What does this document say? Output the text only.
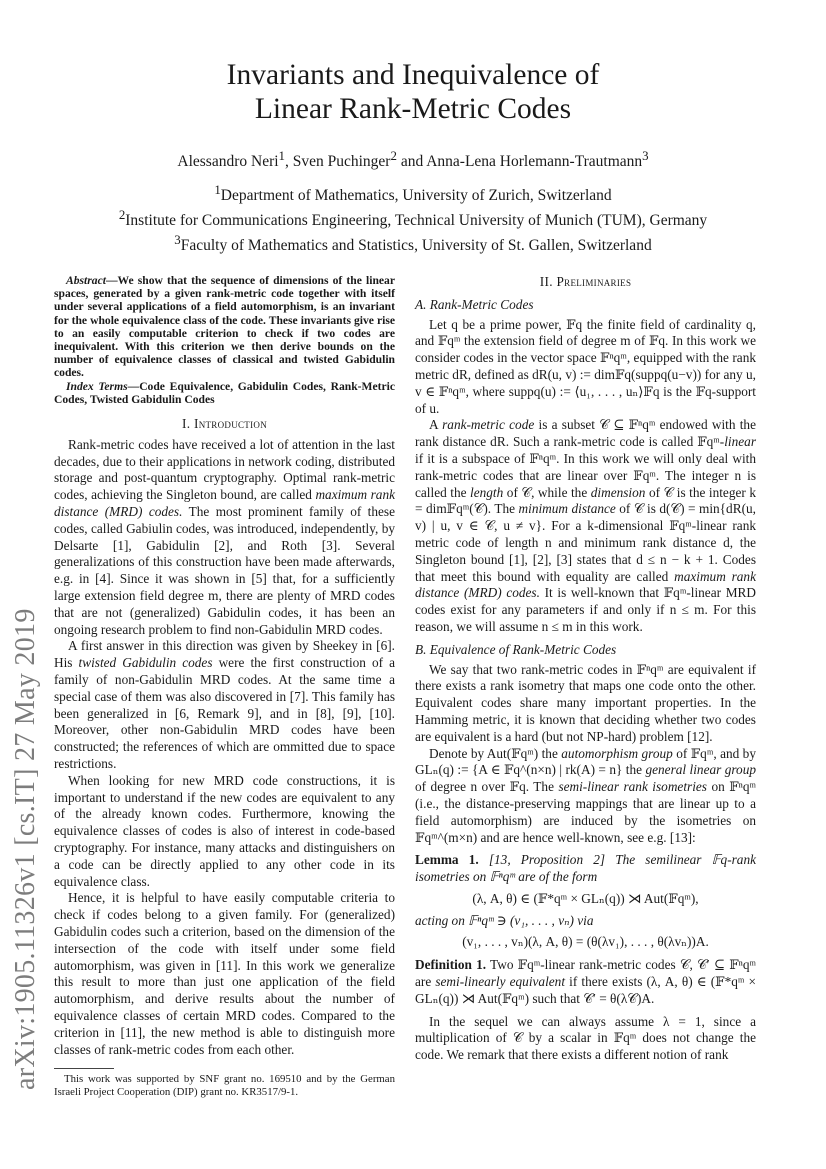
arXiv:1905.11326v1 [cs.IT] 27 May 2019
Invariants and Inequivalence of
Linear Rank-Metric Codes
Alessandro Neri$^1$, Sven Puchinger$^2$ and Anna-Lena Horlemann-Trautmann$^3$
$^1$Department of Mathematics, University of Zurich, Switzerland
$^2$Institute for Communications Engineering, Technical University of Munich (TUM), Germany
$^3$Faculty of Mathematics and Statistics, University of St. Gallen, Switzerland

Abstract—We show that the sequence of dimensions of the linear spaces, generated by a given rank-metric code together with itself under several applications of a field automorphism, is an invariant for the whole equivalence class of the code. These invariants give rise to an easily computable criterion to check if two codes are inequivalent. With this criterion we then derive bounds on the number of equivalence classes of classical and twisted Gabidulin codes.

Index Terms—Code Equivalence, Gabidulin Codes, Rank-Metric Codes, Twisted Gabidulin Codes

I. Introduction

Rank-metric codes have received a lot of attention in the last decades, due to their applications in network coding, distributed storage and post-quantum cryptography. Optimal rank-metric codes, achieving the Singleton bound, are called maximum rank distance (MRD) codes. The most prominent family of these codes, called Gabiulin codes, was introduced, independently, by Delsarte [1], Gabidulin [2], and Roth [3]. Several generalizations of this construction have been made afterwards, e.g. in [4]. Since it was shown in [5] that, for a sufficiently large extension field degree m, there are plenty of MRD codes that are not (generalized) Gabidulin codes, it has been an ongoing research problem to find non-Gabidulin MRD codes.

A first answer in this direction was given by Sheekey in [6]. His twisted Gabidulin codes were the first construction of a family of non-Gabidulin MRD codes. At the same time a special case of them was also discovered in [7]. This family has been generalized in [6, Remark 9], and in [8], [9], [10]. Moreover, other non-Gabidulin MRD codes have been constructed; the references of which are ommitted due to space restrictions.

When looking for new MRD code constructions, it is important to understand if the new codes are equivalent to any of the already known codes. Furthermore, knowing the equivalence classes of codes is also of interest in code-based cryptography. For instance, many attacks and distinguishers on a code can be directly applied to any other code in its equivalence class.

Hence, it is helpful to have easily computable criteria to check if codes belong to a given family. For (generalized) Gabidulin codes such a criterion, based on the dimension of the intersection of the code with itself under some field automorphism, was given in [11]. In this work we generalize this result to more than just one application of the field automorphism, and derive results about the number of equivalence classes of certain MRD codes. Compared to the criterion in [11], the new method is able to distinguish more classes of rank-metric codes from each other.

This work was supported by SNF grant no. 169510 and by the German Israeli Project Cooperation (DIP) grant no. KR3517/9-1.

II. Preliminaries
A. Rank-Metric Codes

Let q be a prime power, 𝔽q the finite field of cardinality q, and 𝔽qᵐ the extension field of degree m of 𝔽q. In this work we consider codes in the vector space 𝔽ⁿqᵐ, equipped with the rank metric dR, defined as dR(u, v) := dim𝔽q(suppq(u−v)) for any u, v ∈ 𝔽ⁿqᵐ, where suppq(u) := ⟨u₁, . . . , uₙ⟩𝔽q is the 𝔽q-support of u.

A rank-metric code is a subset 𝒞 ⊆ 𝔽ⁿqᵐ endowed with the rank distance dR. Such a rank-metric code is called 𝔽qᵐ-linear if it is a subspace of 𝔽ⁿqᵐ. In this work we will only deal with rank-metric codes that are linear over 𝔽qᵐ. The integer n is called the length of 𝒞, while the dimension of 𝒞 is the integer k = dim𝔽qᵐ(𝒞). The minimum distance of 𝒞 is d(𝒞) = min{dR(u, v) | u, v ∈ 𝒞, u ≠ v}. For a k-dimensional 𝔽qᵐ-linear rank metric code of length n and minimum rank distance d, the Singleton bound [1], [2], [3] states that d ≤ n − k + 1. Codes that meet this bound with equality are called maximum rank distance (MRD) codes. It is well-known that 𝔽qᵐ-linear MRD codes exist for any parameters if and only if n ≤ m. For this reason, we will assume n ≤ m in this work.

B. Equivalence of Rank-Metric Codes

We say that two rank-metric codes in 𝔽ⁿqᵐ are equivalent if there exists a rank isometry that maps one code onto the other. Equivalent codes share many important properties. In the Hamming metric, it is known that deciding whether two codes are equivalent is a hard (but not NP-hard) problem [12].

Denote by Aut(𝔽qᵐ) the automorphism group of 𝔽qᵐ, and by GLₙ(q) := {A ∈ 𝔽q^(n×n) | rk(A) = n} the general linear group of degree n over 𝔽q. The semi-linear rank isometries on 𝔽ⁿqᵐ (i.e., the distance-preserving mappings that are linear up to a field automorphism) are induced by the isometries on 𝔽qᵐ^(m×n) and are hence well-known, see e.g. [13]:

Lemma 1. [13, Proposition 2] The semilinear 𝔽q-rank isometries on 𝔽ⁿqᵐ are of the form

(λ, A, θ) ∈ (𝔽*qᵐ × GLₙ(q)) ⋊ Aut(𝔽qᵐ),

acting on 𝔽ⁿqᵐ ∋ (v₁, . . . , vₙ) via

(v₁, . . . , vₙ)(λ, A, θ) = (θ(λv₁), . . . , θ(λvₙ))A.

Definition 1. Two 𝔽qᵐ-linear rank-metric codes 𝒞, 𝒞′ ⊆ 𝔽ⁿqᵐ are semi-linearly equivalent if there exists (λ, A, θ) ∈ (𝔽*qᵐ × GLₙ(q)) ⋊ Aut(𝔽qᵐ) such that 𝒞′ = θ(λ𝒞)A.

In the sequel we can always assume λ = 1, since a multiplication of 𝒞 by a scalar in 𝔽qᵐ does not change the code. We remark that there exists a different notion of rank
